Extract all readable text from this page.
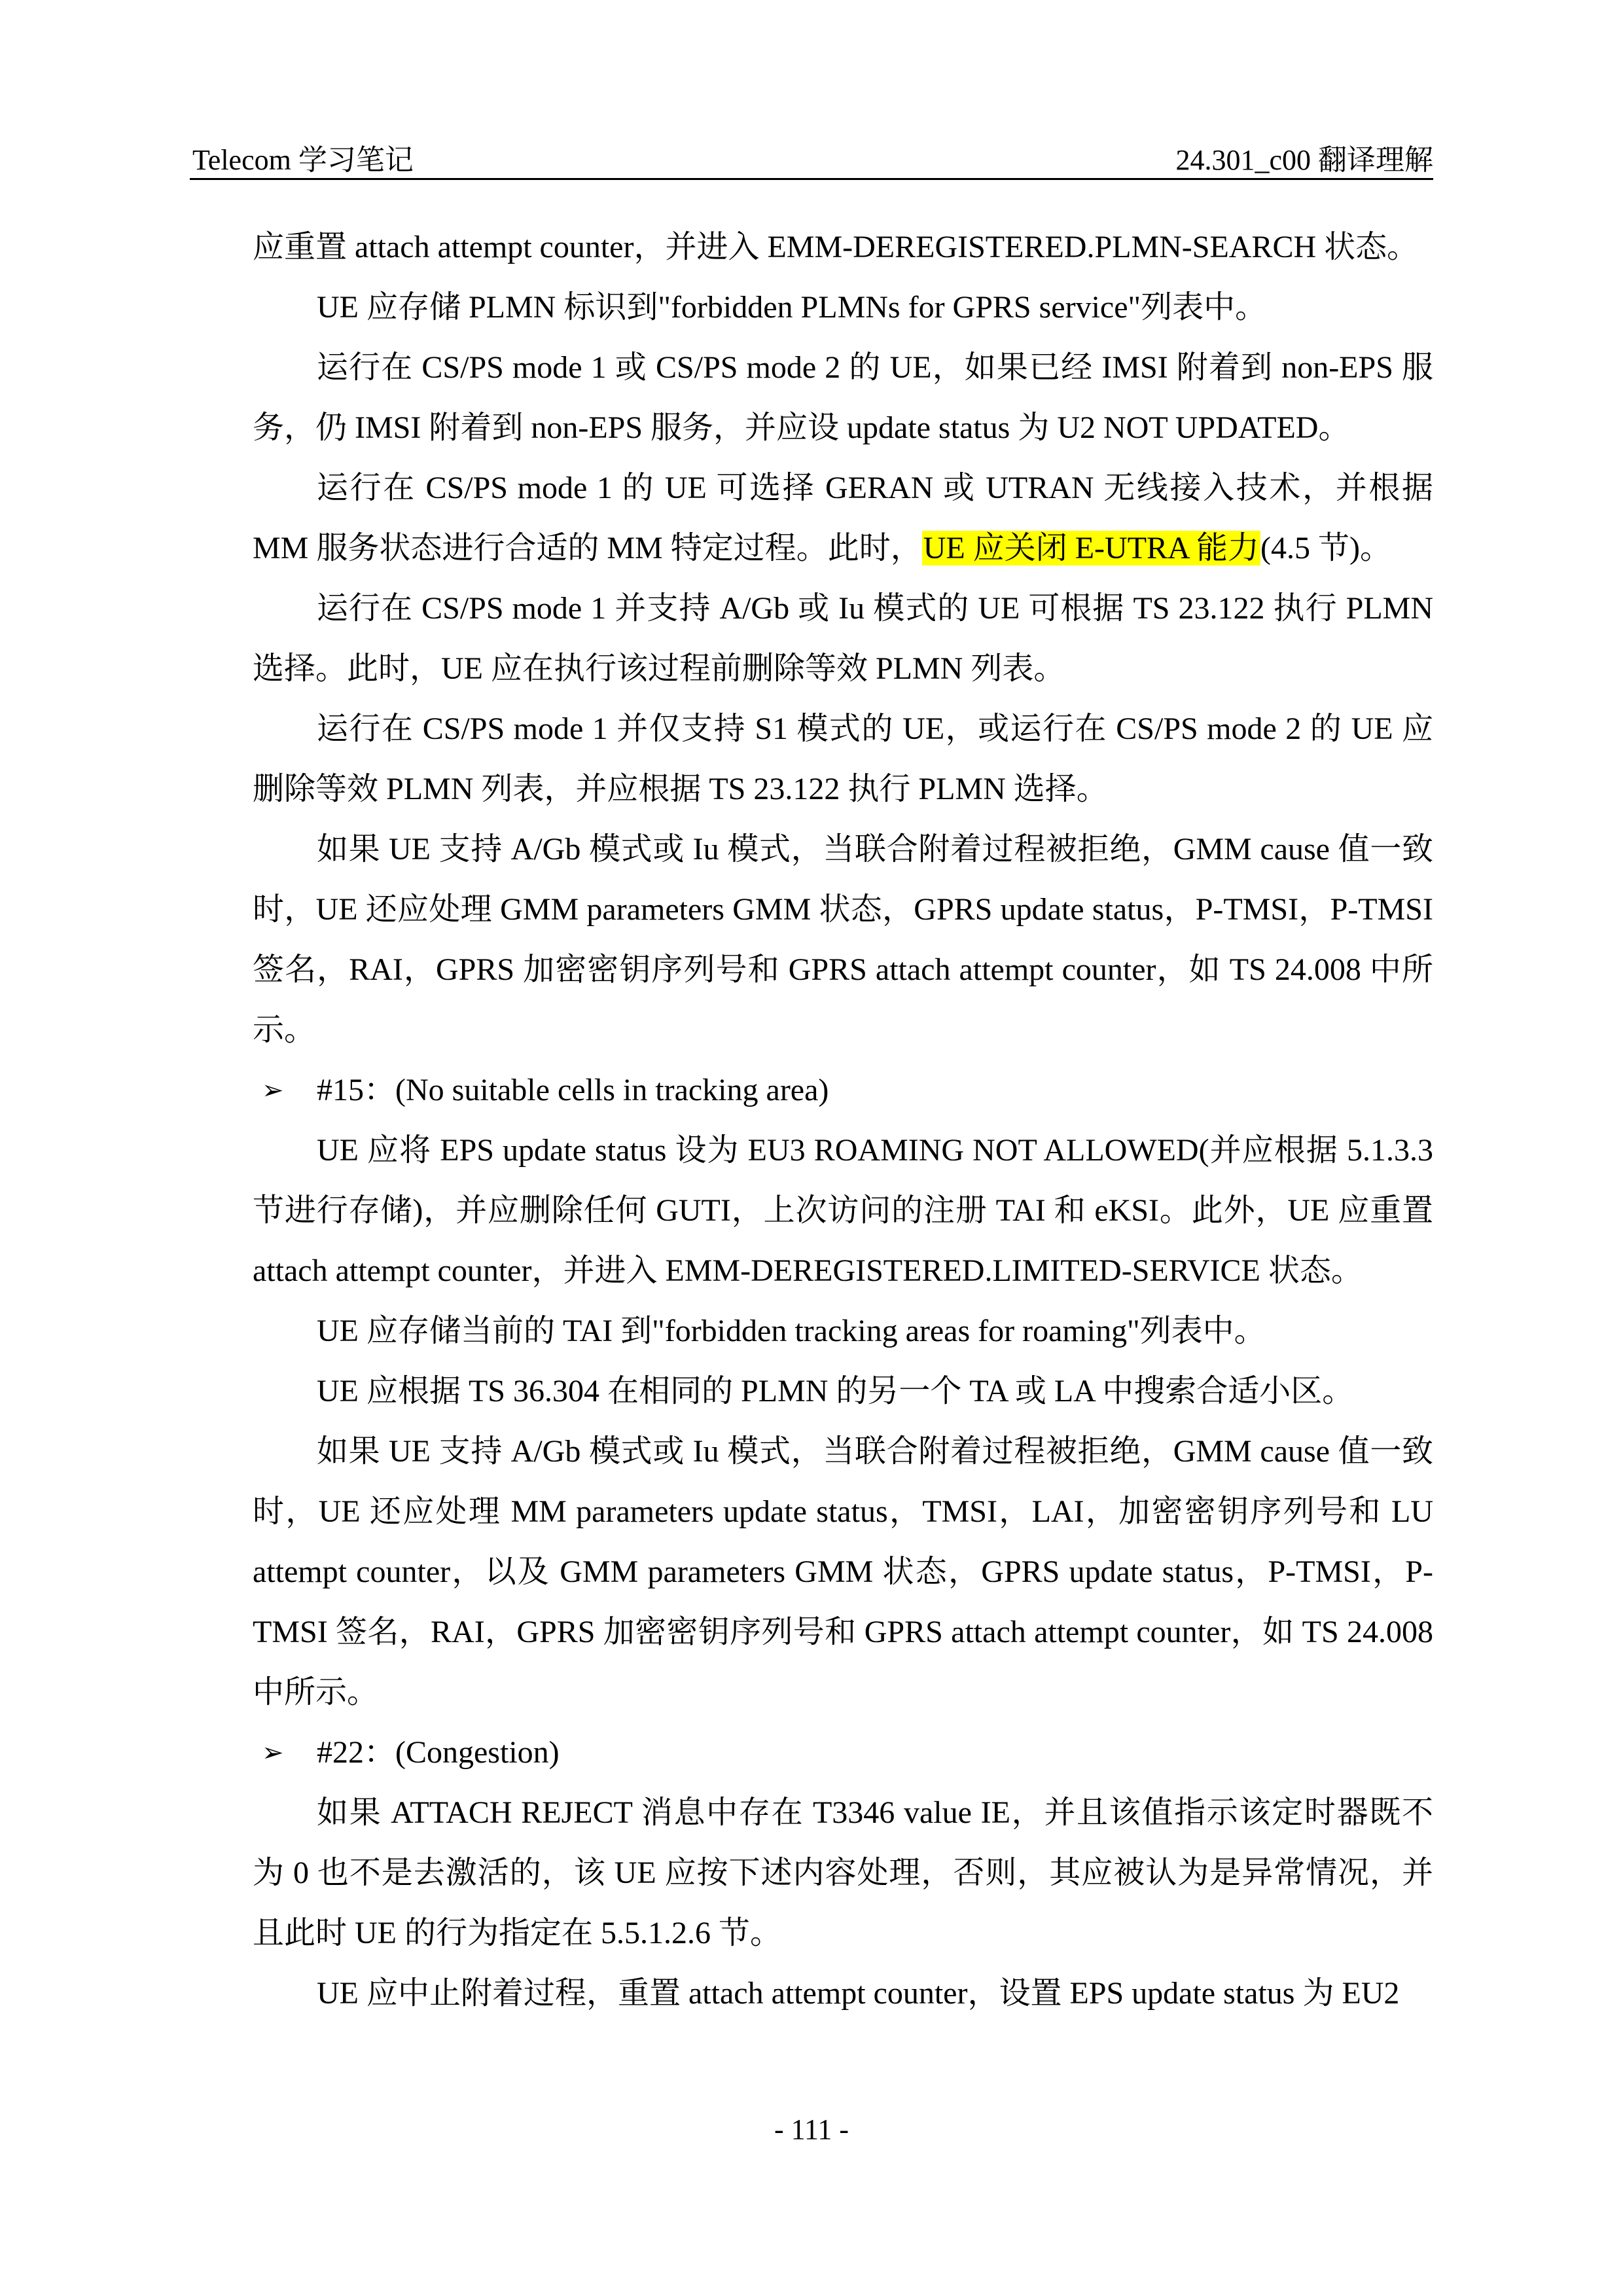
Telecom 学习笔记	24.301_c00 翻译理解

应重置 attach attempt counter，并进入 EMM-DEREGISTERED.PLMN-SEARCH 状态。

UE 应存储 PLMN 标识到"forbidden PLMNs for GPRS service"列表中。

运行在 CS/PS mode 1 或 CS/PS mode 2 的 UE，如果已经 IMSI 附着到 non-EPS 服务，仍 IMSI 附着到 non-EPS 服务，并应设 update status 为 U2 NOT UPDATED。

运行在 CS/PS mode 1 的 UE 可选择 GERAN 或 UTRAN 无线接入技术，并根据 MM 服务状态进行合适的 MM 特定过程。此时，UE 应关闭 E-UTRA 能力(4.5 节)。

运行在 CS/PS mode 1 并支持 A/Gb 或 Iu 模式的 UE 可根据 TS 23.122 执行 PLMN 选择。此时，UE 应在执行该过程前删除等效 PLMN 列表。

运行在 CS/PS mode 1 并仅支持 S1 模式的 UE，或运行在 CS/PS mode 2 的 UE 应删除等效 PLMN 列表，并应根据 TS 23.122 执行 PLMN 选择。

如果 UE 支持 A/Gb 模式或 Iu 模式，当联合附着过程被拒绝，GMM cause 值一致时，UE 还应处理 GMM parameters GMM 状态，GPRS update status，P-TMSI，P-TMSI 签名，RAI，GPRS 加密密钥序列号和 GPRS attach attempt counter，如 TS 24.008 中所示。

➢ #15：(No suitable cells in tracking area)

UE 应将 EPS update status 设为 EU3 ROAMING NOT ALLOWED(并应根据 5.1.3.3 节进行存储)，并应删除任何 GUTI，上次访问的注册 TAI 和 eKSI。此外，UE 应重置 attach attempt counter，并进入 EMM-DEREGISTERED.LIMITED-SERVICE 状态。

UE 应存储当前的 TAI 到"forbidden tracking areas for roaming"列表中。

UE 应根据 TS 36.304 在相同的 PLMN 的另一个 TA 或 LA 中搜索合适小区。

如果 UE 支持 A/Gb 模式或 Iu 模式，当联合附着过程被拒绝，GMM cause 值一致时，UE 还应处理 MM parameters update status，TMSI，LAI，加密密钥序列号和 LU attempt counter，以及 GMM parameters GMM 状态，GPRS update status，P-TMSI，P-TMSI 签名，RAI，GPRS 加密密钥序列号和 GPRS attach attempt counter，如 TS 24.008 中所示。

➢ #22：(Congestion)

如果 ATTACH REJECT 消息中存在 T3346 value IE，并且该值指示该定时器既不为 0 也不是去激活的，该 UE 应按下述内容处理，否则，其应被认为是异常情况，并且此时 UE 的行为指定在 5.5.1.2.6 节。

UE 应中止附着过程，重置 attach attempt counter，设置 EPS update status 为 EU2

- 111 -
